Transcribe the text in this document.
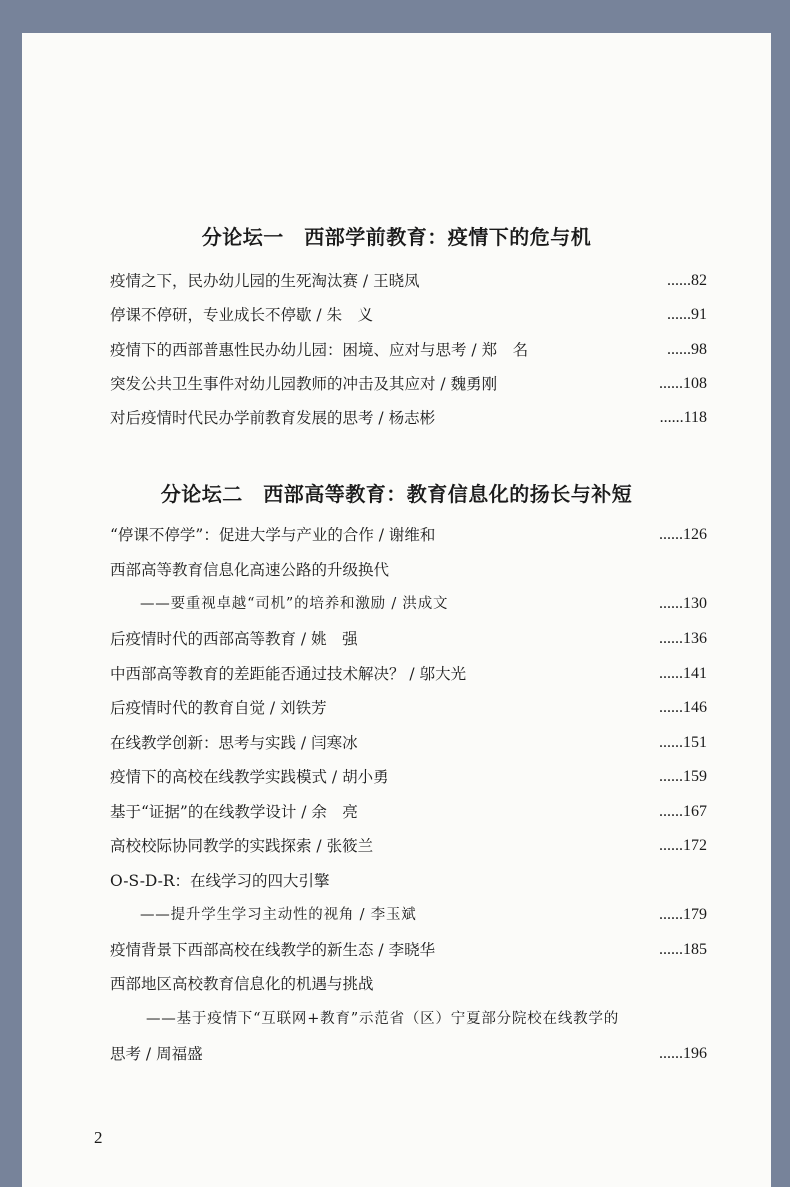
分论坛一　西部学前教育：疫情下的危与机
疫情之下，民办幼儿园的生死淘汰赛 / 王晓凤	......82
停课不停研，专业成长不停歇 / 朱　义	......91
疫情下的西部普惠性民办幼儿园：困境、应对与思考 / 郑　名	......98
突发公共卫生事件对幼儿园教师的冲击及其应对 / 魏勇刚	......108
对后疫情时代民办学前教育发展的思考 / 杨志彬	......118
分论坛二　西部高等教育：教育信息化的扬长与补短
“停课不停学”：促进大学与产业的合作 / 谢维和	......126
西部高等教育信息化高速公路的升级换代
——要重视卓越“司机”的培养和激励 / 洪成文	......130
后疫情时代的西部高等教育 / 姚　强	......136
中西部高等教育的差距能否通过技术解决？ / 邬大光	......141
后疫情时代的教育自觉 / 刘铁芳	......146
在线教学创新：思考与实践 / 闫寒冰	......151
疫情下的高校在线教学实践模式 / 胡小勇	......159
基于“证据”的在线教学设计 / 余　亮	......167
高校校际协同教学的实践探索 / 张筱兰	......172
O-S-D-R：在线学习的四大引擎
——提升学生学习主动性的视角 / 李玉斌	......179
疫情背景下西部高校在线教学的新生态 / 李晓华	......185
西部地区高校教育信息化的机遇与挑战
——基于疫情下“互联网+教育”示范省（区）宁夏部分院校在线教学的
思考 / 周福盛	......196
2
